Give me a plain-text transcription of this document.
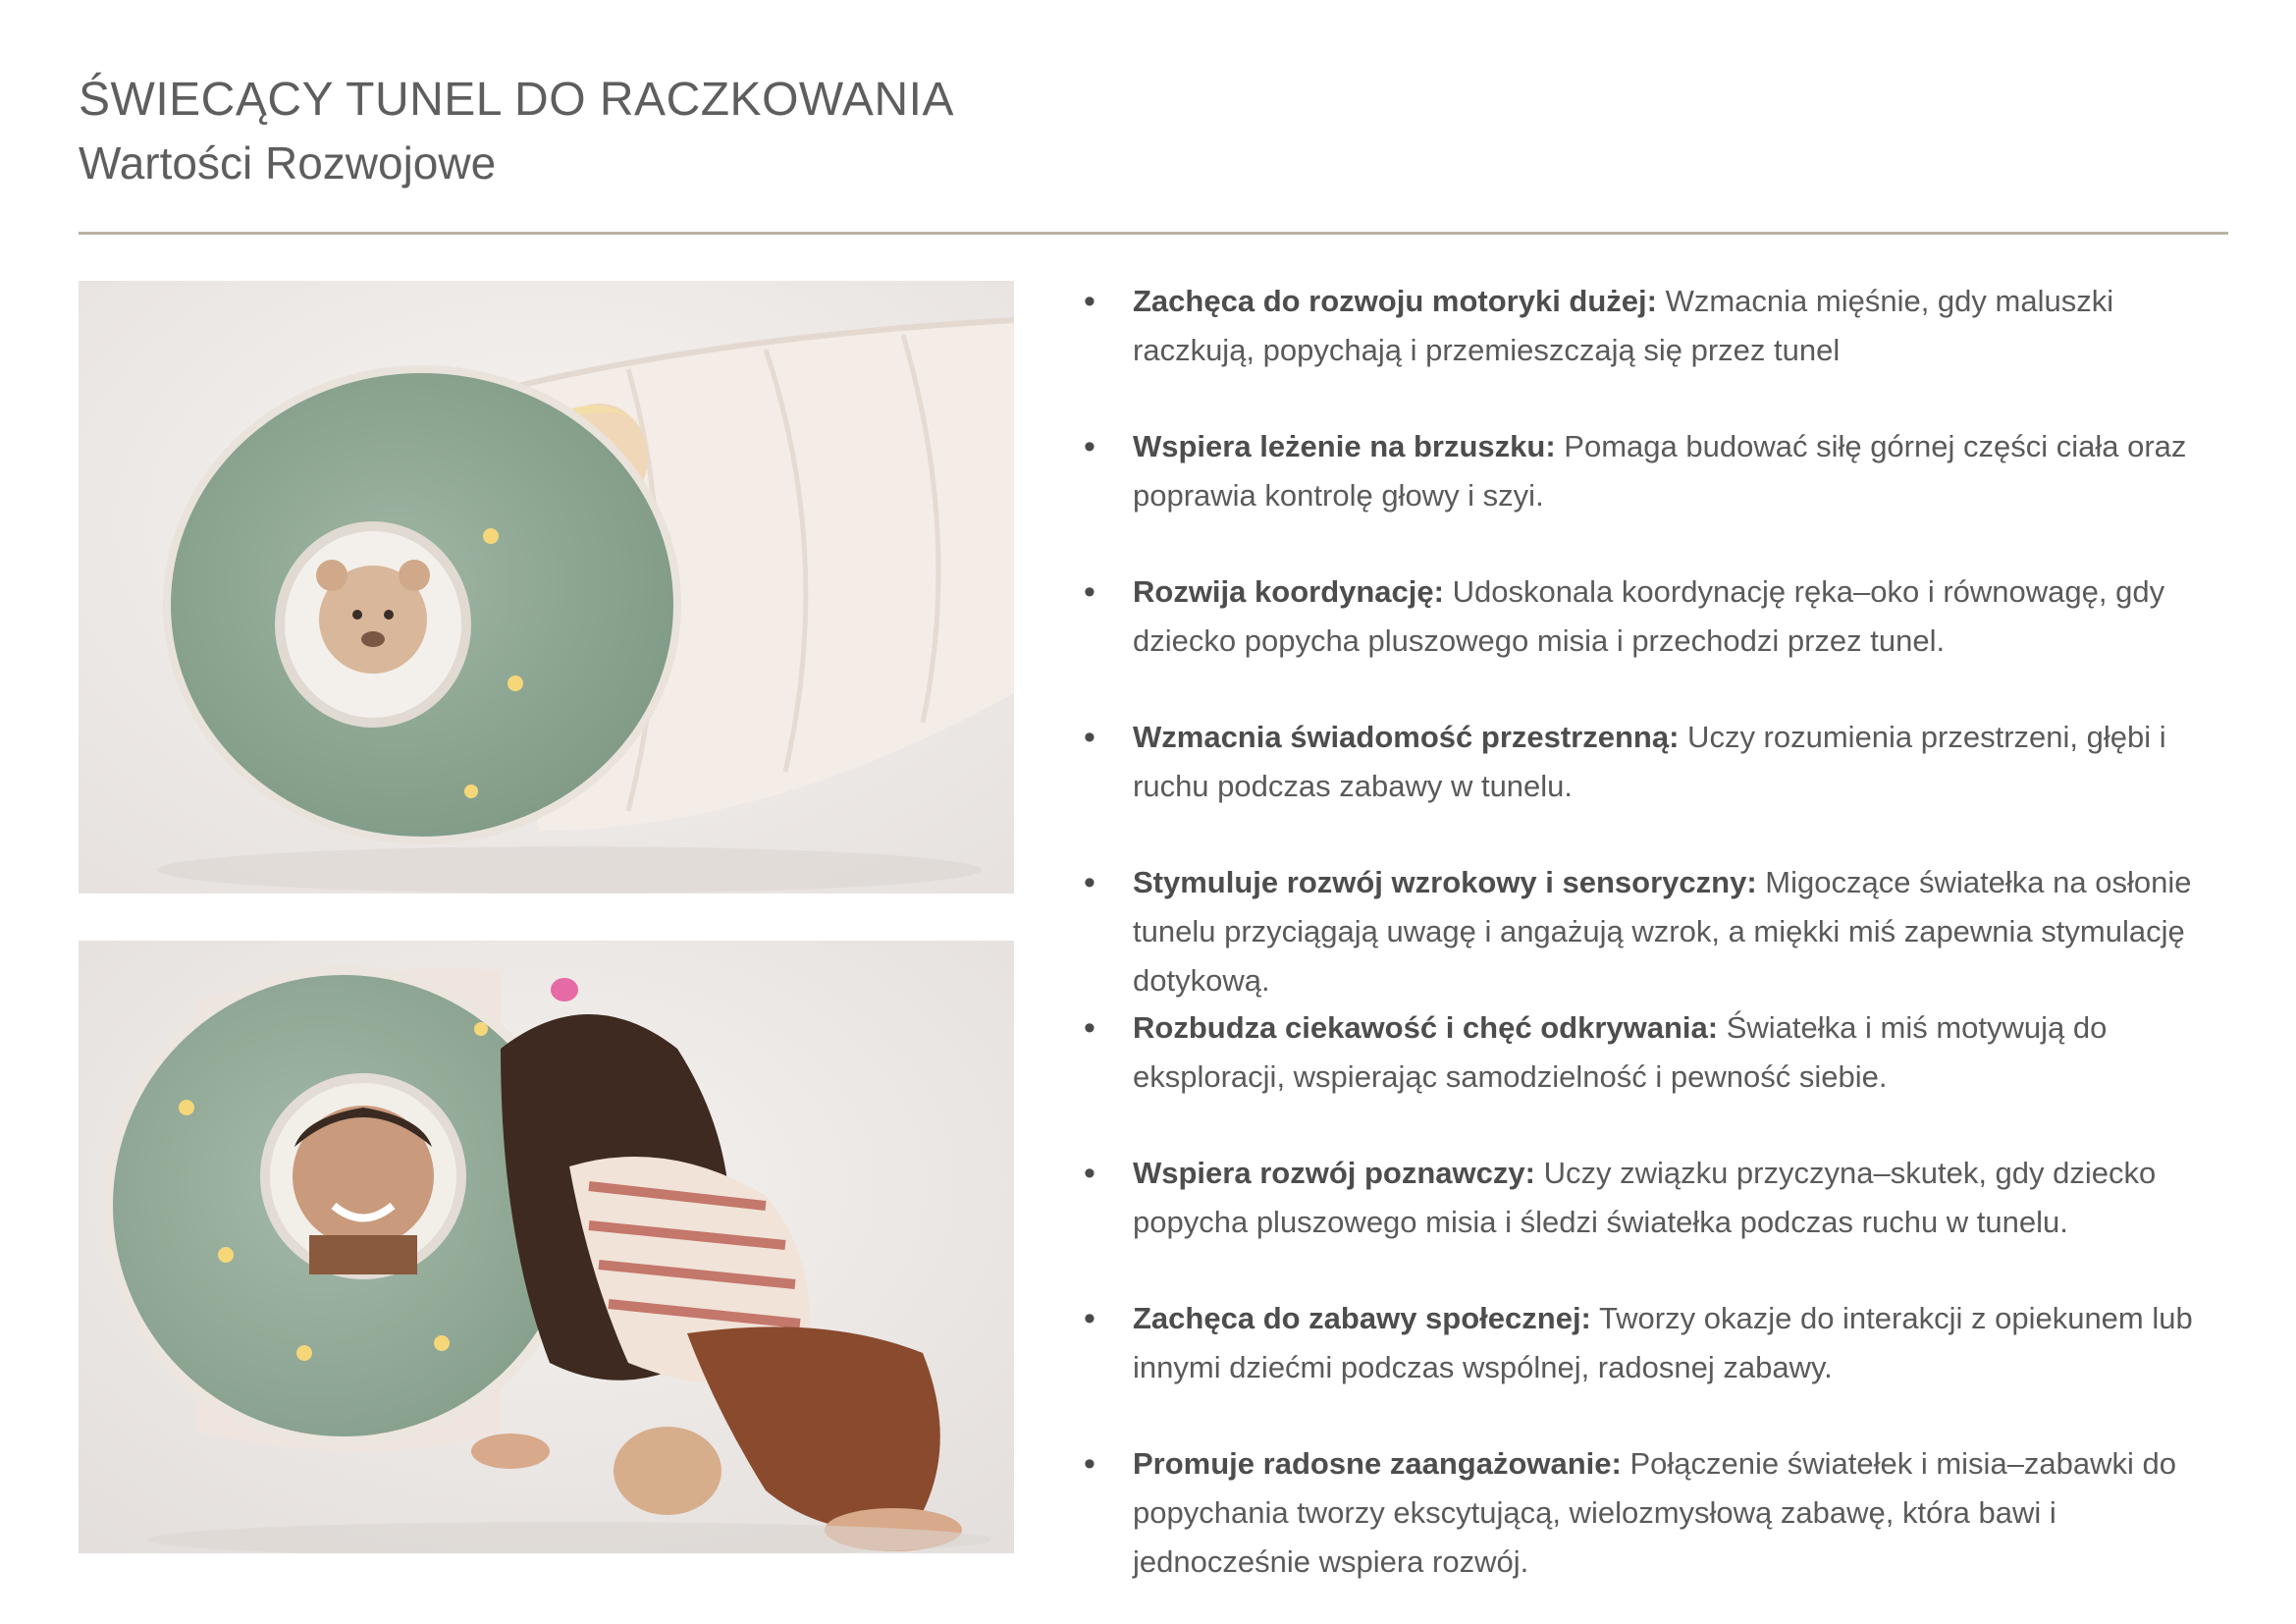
ŚWIECĄCY TUNEL DO RACZKOWANIA
Wartości Rozwojowe
• Zachęca do rozwoju motoryki dużej: Wzmacnia mięśnie, gdy maluszki raczkują, popychają i przemieszczają się przez tunel
• Wspiera leżenie na brzuszku: Pomaga budować siłę górnej części ciała oraz poprawia kontrolę głowy i szyi.
• Rozwija koordynację: Udoskonala koordynację ręka–oko i równowagę, gdy dziecko popycha pluszowego misia i przechodzi przez tunel.
• Wzmacnia świadomość przestrzenną: Uczy rozumienia przestrzeni, głębi i ruchu podczas zabawy w tunelu.
• Stymuluje rozwój wzrokowy i sensoryczny: Migoczące światełka na osłonie tunelu przyciągają uwagę i angażują wzrok, a miękki miś zapewnia stymulację dotykową.
• Rozbudza ciekawość i chęć odkrywania: Światełka i miś motywują do eksploracji, wspierając samodzielność i pewność siebie.
• Wspiera rozwój poznawczy: Uczy związku przyczyna–skutek, gdy dziecko popycha pluszowego misia i śledzi światełka podczas ruchu w tunelu.
• Zachęca do zabawy społecznej: Tworzy okazje do interakcji z opiekunem lub innymi dziećmi podczas wspólnej, radosnej zabawy.
• Promuje radosne zaangażowanie: Połączenie światełek i misia–zabawki do popychania tworzy ekscytującą, wielozmysłową zabawę, która bawi i jednocześnie wspiera rozwój.
